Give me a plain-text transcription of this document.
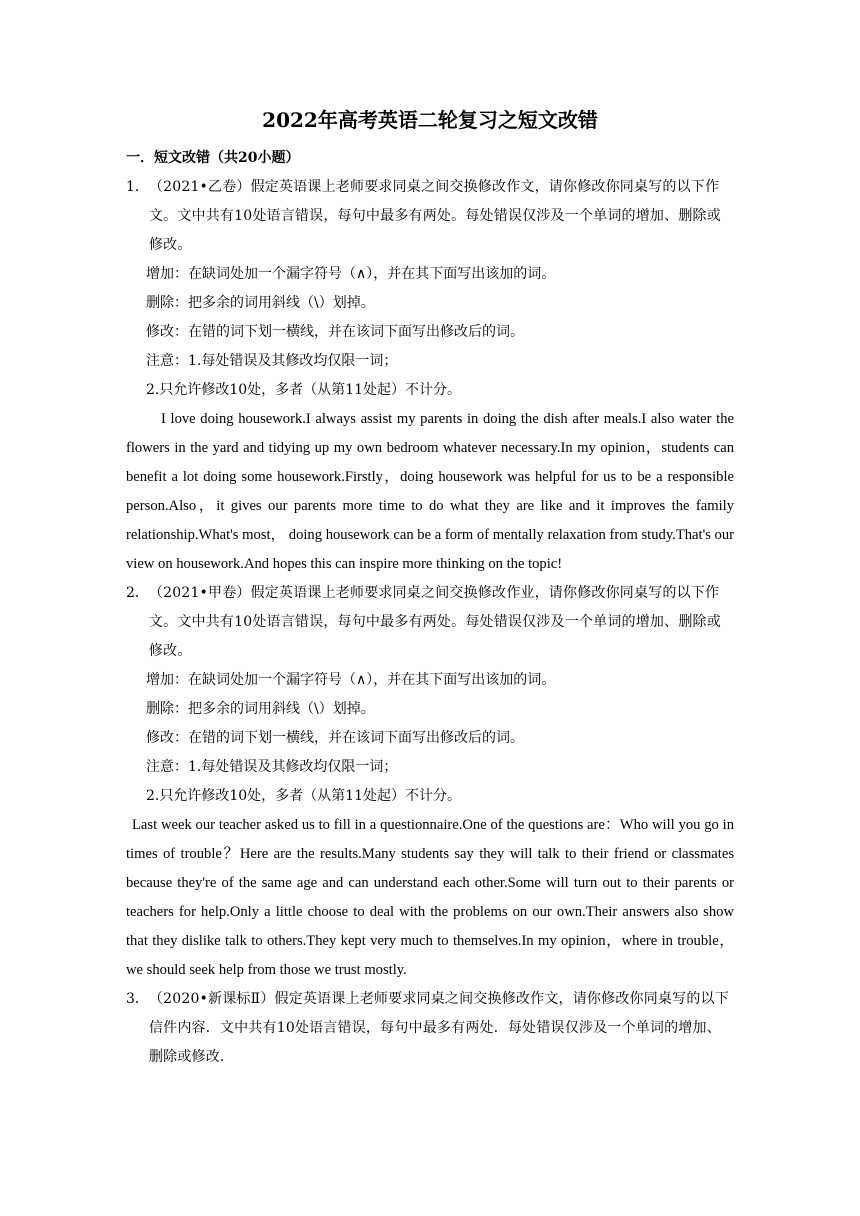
2022年高考英语二轮复习之短文改错

一．短文改错（共20小题）

1． （2021•乙卷）假定英语课上老师要求同桌之间交换修改作文，请你修改你同桌写的以下作文。文中共有10处语言错误，每句中最多有两处。每处错误仅涉及一个单词的增加、删除或修改。

增加：在缺词处加一个漏字符号（∧），并在其下面写出该加的词。
删除：把多余的词用斜线（\）划掉。
修改：在错的词下划一横线，并在该词下面写出修改后的词。
注意：1.每处错误及其修改均仅限一词；
2.只允许修改10处，多者（从第11处起）不计分。

I love doing housework.I always assist my parents in doing the dish after meals.I also water the flowers in the yard and tidying up my own bedroom whatever necessary.In my opinion，students can benefit a lot doing some housework.Firstly，doing housework was helpful for us to be a responsible person.Also，it gives our parents more time to do what they are like and it improves the family relationship.What's most， doing housework can be a form of mentally relaxation from study.That's our view on housework.And hopes this can inspire more thinking on the topic!

2． （2021•甲卷）假定英语课上老师要求同桌之间交换修改作业，请你修改你同桌写的以下作文。文中共有10处语言错误，每句中最多有两处。每处错误仅涉及一个单词的增加、删除或修改。

增加：在缺词处加一个漏字符号（∧），并在其下面写出该加的词。
删除：把多余的词用斜线（\）划掉。
修改：在错的词下划一横线，并在该词下面写出修改后的词。
注意：1.每处错误及其修改均仅限一词；
2.只允许修改10处，多者（从第11处起）不计分。

Last week our teacher asked us to fill in a questionnaire.One of the questions are：Who will you go in times of trouble？Here are the results.Many students say they will talk to their friend or classmates because they're of the same age and can understand each other.Some will turn out to their parents or teachers for help.Only a little choose to deal with the problems on our own.Their answers also show that they dislike talk to others.They kept very much to themselves.In my opinion，where in trouble，we should seek help from those we trust mostly.

3． （2020•新课标Ⅱ）假定英语课上老师要求同桌之间交换修改作文，请你修改你同桌写的以下信件内容．文中共有10处语言错误，每句中最多有两处．每处错误仅涉及一个单词的增加、删除或修改．
